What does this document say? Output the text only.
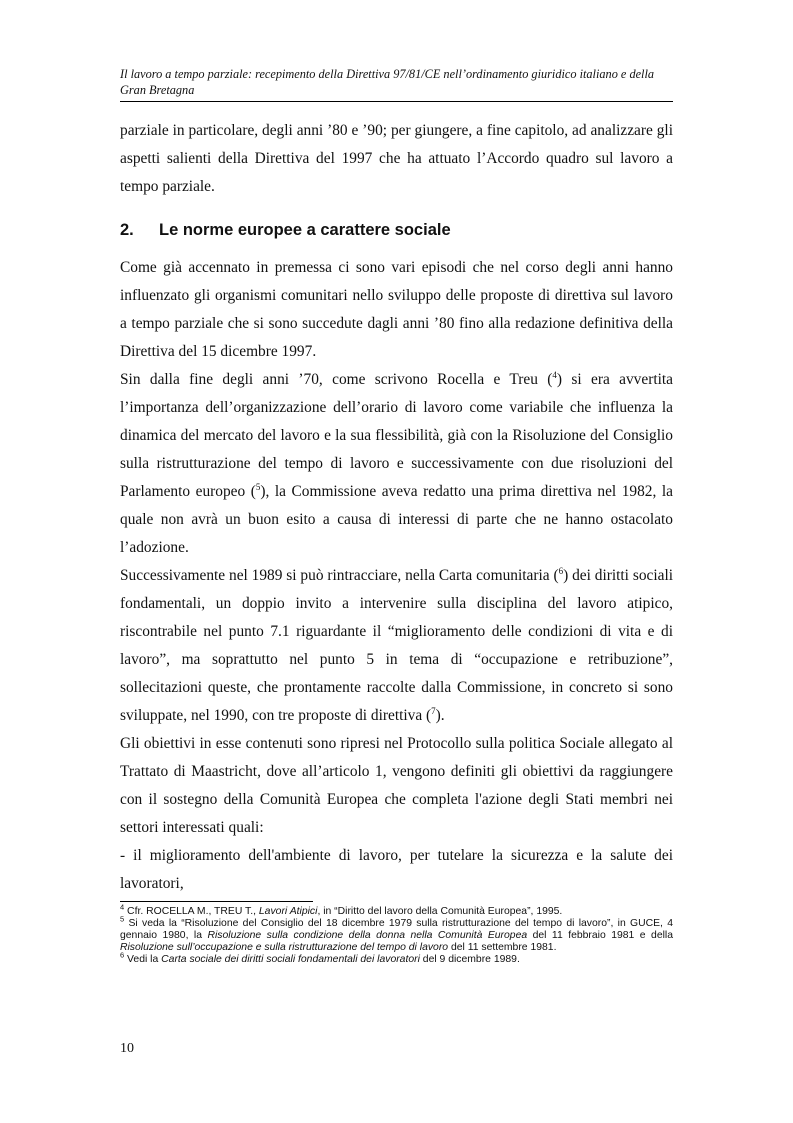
Il lavoro a tempo parziale: recepimento della Direttiva 97/81/CE nell’ordinamento giuridico italiano e della Gran Bretagna

parziale in particolare, degli anni ’80 e ’90; per giungere, a fine capitolo, ad analizzare gli aspetti salienti della Direttiva del 1997 che ha attuato l’Accordo quadro sul lavoro a tempo parziale.

2. Le norme europee a carattere sociale

Come già accennato in premessa ci sono vari episodi che nel corso degli anni hanno influenzato gli organismi comunitari nello sviluppo delle proposte di direttiva sul lavoro a tempo parziale che si sono succedute dagli anni ’80 fino alla redazione definitiva della Direttiva del 15 dicembre 1997.

Sin dalla fine degli anni ’70, come scrivono Rocella e Treu ($^4$) si era avvertita l’importanza dell’organizzazione dell’orario di lavoro come variabile che influenza la dinamica del mercato del lavoro e la sua flessibilità, già con la Risoluzione del Consiglio sulla ristrutturazione del tempo di lavoro e successivamente con due risoluzioni del Parlamento europeo ($^5$), la Commissione aveva redatto una prima direttiva nel 1982, la quale non avrà un buon esito a causa di interessi di parte che ne hanno ostacolato l’adozione.

Successivamente nel 1989 si può rintracciare, nella Carta comunitaria ($^6$) dei diritti sociali fondamentali, un doppio invito a intervenire sulla disciplina del lavoro atipico, riscontrabile nel punto 7.1 riguardante il “miglioramento delle condizioni di vita e di lavoro”, ma soprattutto nel punto 5 in tema di “occupazione e retribuzione”, sollecitazioni queste, che prontamente raccolte dalla Commissione, in concreto si sono sviluppate, nel 1990, con tre proposte di direttiva ($^7$).

Gli obiettivi in esse contenuti sono ripresi nel Protocollo sulla politica Sociale allegato al Trattato di Maastricht, dove all’articolo 1, vengono definiti gli obiettivi da raggiungere con il sostegno della Comunità Europea che completa l'azione degli Stati membri nei settori interessati quali:

- il miglioramento dell'ambiente di lavoro, per tutelare la sicurezza e la salute dei lavoratori,

$^4$ Cfr. ROCELLA M., TREU T., Lavori Atipici, in “Diritto del lavoro della Comunità Europea”, 1995.

$^5$ Si veda la “Risoluzione del Consiglio del 18 dicembre 1979 sulla ristrutturazione del tempo di lavoro”, in GUCE, 4 gennaio 1980, la Risoluzione sulla condizione della donna nella Comunità Europea del 11 febbraio 1981 e della Risoluzione sull’occupazione e sulla ristrutturazione del tempo di lavoro del 11 settembre 1981.

$^6$ Vedi la Carta sociale dei diritti sociali fondamentali dei lavoratori del 9 dicembre 1989.

10
